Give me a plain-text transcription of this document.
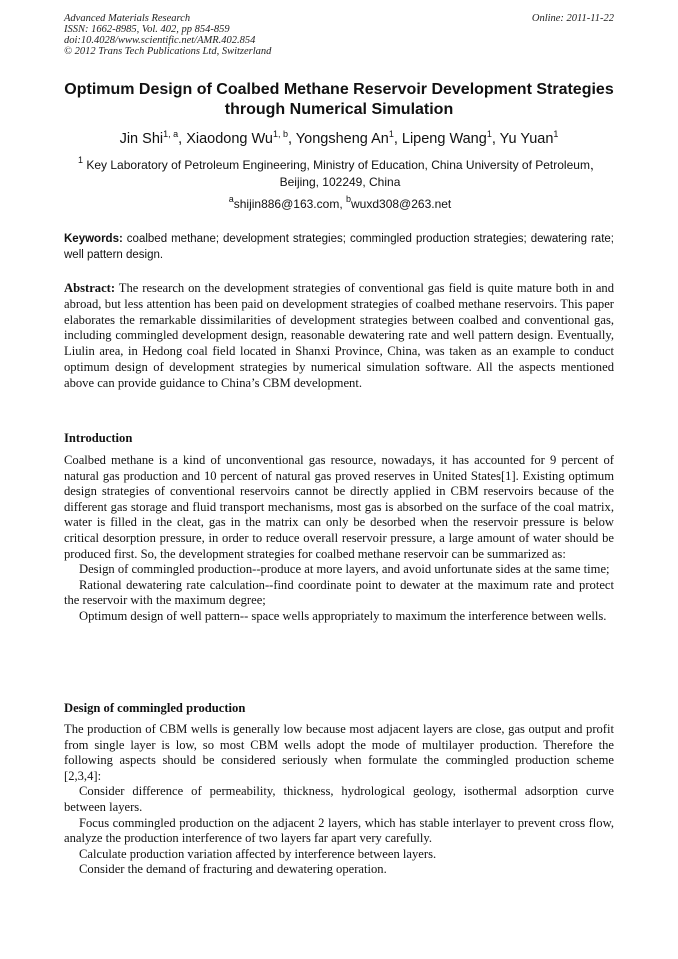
Advanced Materials Research
ISSN: 1662-8985, Vol. 402, pp 854-859
doi:10.4028/www.scientific.net/AMR.402.854
© 2012 Trans Tech Publications Ltd, Switzerland
Online: 2011-11-22
Optimum Design of Coalbed Methane Reservoir Development Strategies through Numerical Simulation
Jin Shi$^{1, a}$, Xiaodong Wu$^{1, b}$, Yongsheng An$^1$, Lipeng Wang$^1$, Yu Yuan$^1$
$^1$ Key Laboratory of Petroleum Engineering, Ministry of Education, China University of Petroleum，
Beijing, 102249, China
$^a$shijin886@163.com, $^b$wuxd308@263.net
Keywords: coalbed methane; development strategies; commingled production strategies; dewatering rate; well pattern design.
Abstract: The research on the development strategies of conventional gas field is quite mature both in and abroad, but less attention has been paid on development strategies of coalbed methane reservoirs. This paper elaborates the remarkable dissimilarities of development strategies between coalbed and conventional gas, including commingled development design, reasonable dewatering rate and well pattern design. Eventually, Liulin area, in Hedong coal field located in Shanxi Province, China, was taken as an example to conduct optimum design of development strategies by numerical simulation software. All the aspects mentioned above can provide guidance to China’s CBM development.
Introduction

Coalbed methane is a kind of unconventional gas resource, nowadays, it has accounted for 9 percent of natural gas production and 10 percent of natural gas proved reserves in United States[1]. Existing optimum design strategies of conventional reservoirs cannot be directly applied in CBM reservoirs because of the different gas storage and fluid transport mechanisms, most gas is absorbed on the surface of the coal matrix, water is filled in the cleat, gas in the matrix can only be desorbed when the reservoir pressure is below critical desorption pressure, in order to reduce overall reservoir pressure, a large amount of water should be produced first. So, the development strategies for coalbed methane reservoir can be summarized as:

Design of commingled production--produce at more layers, and avoid unfortunate sides at the same time;

Rational dewatering rate calculation--find coordinate point to dewater at the maximum rate and protect the reservoir with the maximum degree;

Optimum design of well pattern-- space wells appropriately to maximum the interference between wells.

Design of commingled production

The production of CBM wells is generally low because most adjacent layers are close, gas output and profit from single layer is low, so most CBM wells adopt the mode of multilayer production. Therefore the following aspects should be considered seriously when formulate the commingled production scheme [2,3,4]:

Consider difference of permeability, thickness, hydrological geology, isothermal adsorption curve between layers.

Focus commingled production on the adjacent 2 layers, which has stable interlayer to prevent cross flow, analyze the production interference of two layers far apart very carefully.

Calculate production variation affected by interference between layers.

Consider the demand of fracturing and dewatering operation.
